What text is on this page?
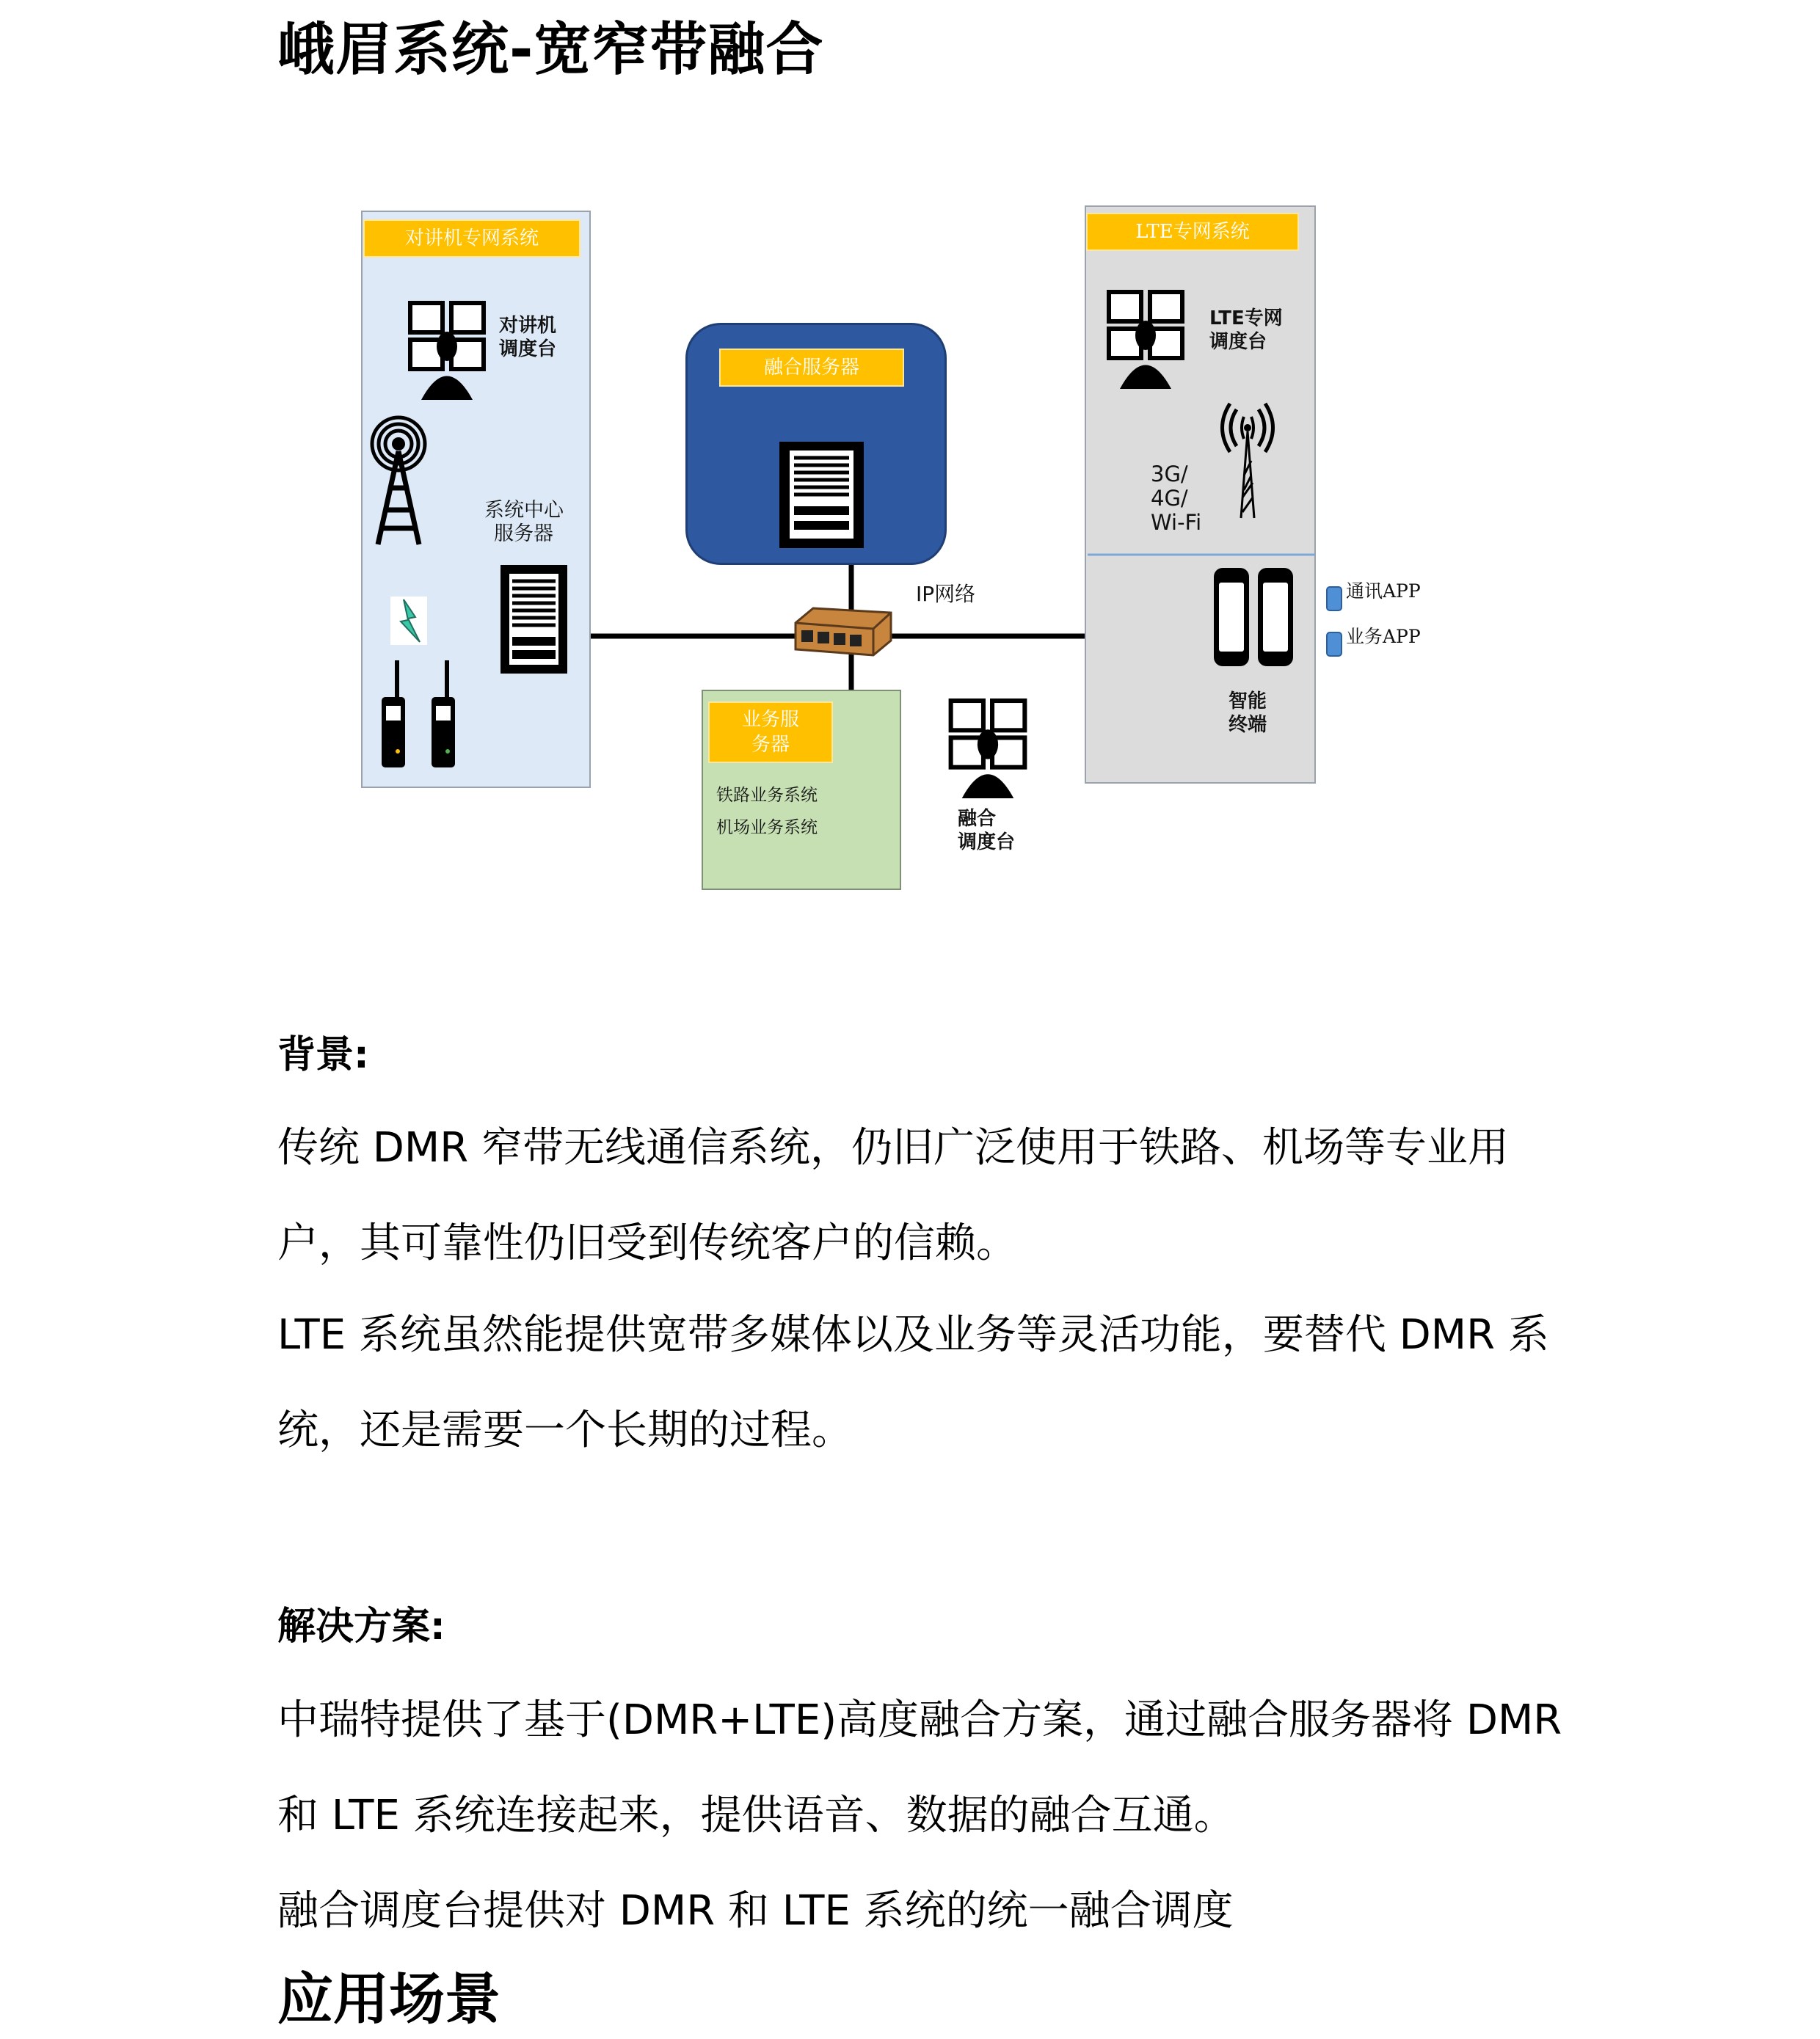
峨眉系统-宽窄带融合
对讲机专网系统
对讲机
调度台
系统中心
服务器
融合服务器
IP网络
业务服
务器
铁路业务系统
机场业务系统	融合
调度台
LTE专网系统
LTE专网
调度台
3G/
4G/
Wi-Fi
智能
终端
通讯APP
业务APP
背景:

传统 DMR 窄带无线通信系统，仍旧广泛使用于铁路、机场等专业用户，其可靠性仍旧受到传统客户的信赖。

LTE 系统虽然能提供宽带多媒体以及业务等灵活功能，要替代 DMR 系统，还是需要一个长期的过程。

解决方案:

中瑞特提供了基于(DMR+LTE)高度融合方案，通过融合服务器将 DMR 和 LTE 系统连接起来，提供语音、数据的融合互通。

融合调度台提供对 DMR 和 LTE 系统的统一融合调度

应用场景
